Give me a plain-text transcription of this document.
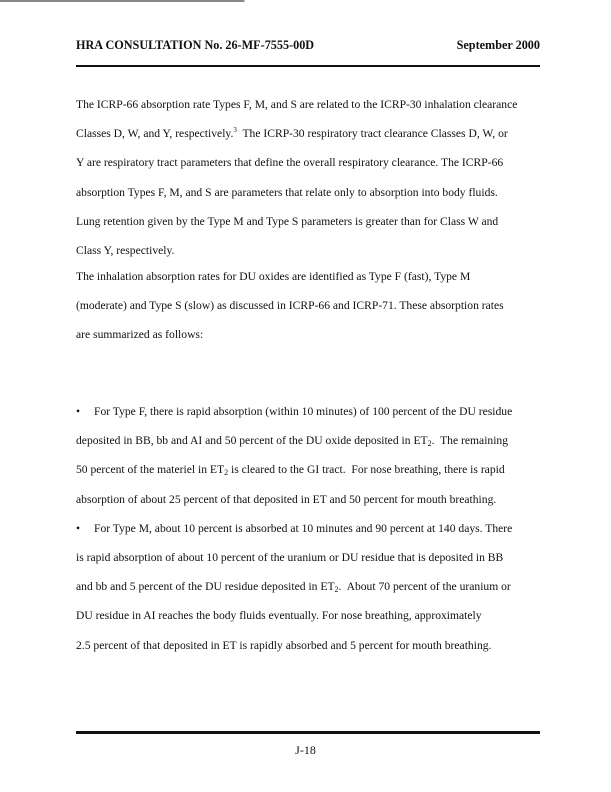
HRA CONSULTATION No. 26-MF-7555-00D	September 2000
The ICRP-66 absorption rate Types F, M, and S are related to the ICRP-30 inhalation clearance
Classes D, W, and Y, respectively.$^3$  The ICRP-30 respiratory tract clearance Classes D, W, or
Y are respiratory tract parameters that define the overall respiratory clearance. The ICRP-66
absorption Types F, M, and S are parameters that relate only to absorption into body fluids.
Lung retention given by the Type M and Type S parameters is greater than for Class W and
Class Y, respectively.
The inhalation absorption rates for DU oxides are identified as Type F (fast), Type M
(moderate) and Type S (slow) as discussed in ICRP-66 and ICRP-71. These absorption rates
are summarized as follows:
• For Type F, there is rapid absorption (within 10 minutes) of 100 percent of the DU residue
deposited in BB, bb and AI and 50 percent of the DU oxide deposited in $ET_2$.  The remaining
50 percent of the materiel in $ET_2$ is cleared to the GI tract.  For nose breathing, there is rapid
absorption of about 25 percent of that deposited in ET and 50 percent for mouth breathing.
• For Type M, about 10 percent is absorbed at 10 minutes and 90 percent at 140 days. There
is rapid absorption of about 10 percent of the uranium or DU residue that is deposited in BB
and bb and 5 percent of the DU residue deposited in $ET_2$.  About 70 percent of the uranium or
DU residue in AI reaches the body fluids eventually. For nose breathing, approximately
2.5 percent of that deposited in ET is rapidly absorbed and 5 percent for mouth breathing.
J-18
